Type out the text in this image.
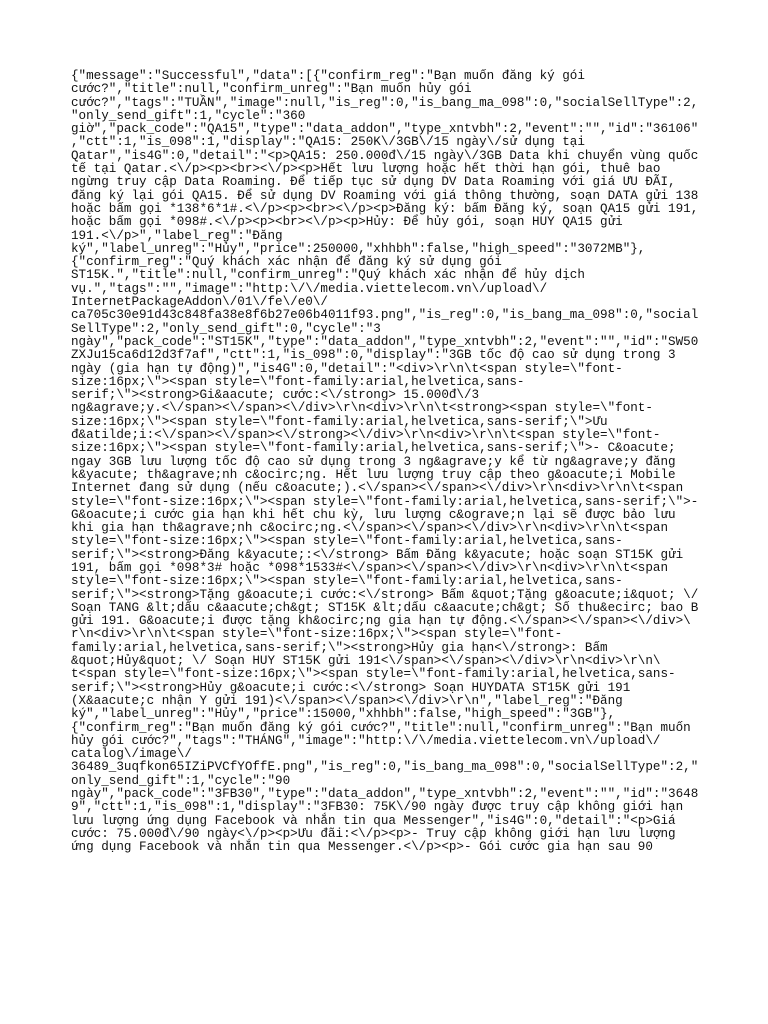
{"message":"Successful","data":[{"confirm_reg":"Bạn muốn đăng ký gói
cước?","title":null,"confirm_unreg":"Bạn muốn hủy gói
cước?","tags":"TUẦN","image":null,"is_reg":0,"is_bang_ma_098":0,"socialSellType":2,
"only_send_gift":1,"cycle":"360
giờ","pack_code":"QA15","type":"data_addon","type_xntvbh":2,"event":"","id":"36106"
,"ctt":1,"is_098":1,"display":"QA15: 250K\/3GB\/15 ngày\/sử dụng tại
Qatar","is4G":0,"detail":"<p>QA15: 250.000đ\/15 ngày\/3GB Data khi chuyển vùng quốc
tế tại Qatar.<\/p><p><br><\/p><p>Hết lưu lượng hoặc hết thời hạn gói, thuê bao
ngừng truy cập Data Roaming. Để tiếp tục sử dụng DV Data Roaming với giá ƯU ĐÃI,
đăng ký lại gói QA15. Để sử dụng DV Roaming với giá thông thường, soạn DATA gửi 138
hoặc bấm gọi *138*6*1#.<\/p><p><br><\/p><p>Đăng ký: bấm Đăng ký, soạn QA15 gửi 191,
hoặc bấm gọi *098#.<\/p><p><br><\/p><p>Hủy: Để hủy gói, soạn HUY QA15 gửi
191.<\/p>","label_reg":"Đăng
ký","label_unreg":"Hủy","price":250000,"xhhbh":false,"high_speed":"3072MB"},
{"confirm_reg":"Quý khách xác nhận để đăng ký sử dụng gói
ST15K.","title":null,"confirm_unreg":"Quý khách xác nhận để hủy dịch
vụ.","tags":"","image":"http:\/\/media.viettelecom.vn\/upload\/
InternetPackageAddon\/01\/fe\/e0\/
ca705c30e91d43c848fa38e8f6b27e06b4011f93.png","is_reg":0,"is_bang_ma_098":0,"social
SellType":2,"only_send_gift":0,"cycle":"3
ngày","pack_code":"ST15K","type":"data_addon","type_xntvbh":2,"event":"","id":"SW50
ZXJu15ca6d12d3f7af","ctt":1,"is_098":0,"display":"3GB tốc độ cao sử dụng trong 3
ngày (gia hạn tự động)","is4G":0,"detail":"<div>\r\n\t<span style=\"font-
size:16px;\"><span style=\"font-family:arial,helvetica,sans-
serif;\"><strong>Gi&aacute; cước:<\/strong> 15.000đ\/3
ng&agrave;y.<\/span><\/span><\/div>\r\n<div>\r\n\t<strong><span style=\"font-
size:16px;\"><span style=\"font-family:arial,helvetica,sans-serif;\">Ưu
đ&atilde;i:<\/span><\/span><\/strong><\/div>\r\n<div>\r\n\t<span style=\"font-
size:16px;\"><span style=\"font-family:arial,helvetica,sans-serif;\">- C&oacute;
ngay 3GB lưu lượng tốc độ cao sử dụng trong 3 ng&agrave;y kể từ ng&agrave;y đăng
k&yacute; th&agrave;nh c&ocirc;ng. Hết lưu lượng truy cập theo g&oacute;i Mobile
Internet đang sử dụng (nếu c&oacute;).<\/span><\/span><\/div>\r\n<div>\r\n\t<span
style=\"font-size:16px;\"><span style=\"font-family:arial,helvetica,sans-serif;\">-
G&oacute;i cước gia hạn khi hết chu kỳ, lưu lượng c&ograve;n lại sẽ được bảo lưu
khi gia hạn th&agrave;nh c&ocirc;ng.<\/span><\/span><\/div>\r\n<div>\r\n\t<span
style=\"font-size:16px;\"><span style=\"font-family:arial,helvetica,sans-
serif;\"><strong>Đăng k&yacute;:<\/strong> Bấm Đăng k&yacute; hoặc soạn ST15K gửi
191, bấm gọi *098*3# hoặc *098*1533#<\/span><\/span><\/div>\r\n<div>\r\n\t<span
style=\"font-size:16px;\"><span style=\"font-family:arial,helvetica,sans-
serif;\"><strong>Tặng g&oacute;i cước:<\/strong> Bấm &quot;Tặng g&oacute;i&quot; \/
Soạn TANG &lt;dấu c&aacute;ch&gt; ST15K &lt;dấu c&aacute;ch&gt; Số thu&ecirc; bao B
gửi 191. G&oacute;i được tặng kh&ocirc;ng gia hạn tự động.<\/span><\/span><\/div>\
r\n<div>\r\n\t<span style=\"font-size:16px;\"><span style=\"font-
family:arial,helvetica,sans-serif;\"><strong>Hủy gia hạn<\/strong>: Bấm
&quot;Hủy&quot; \/ Soạn HUY ST15K gửi 191<\/span><\/span><\/div>\r\n<div>\r\n\
t<span style=\"font-size:16px;\"><span style=\"font-family:arial,helvetica,sans-
serif;\"><strong>Hủy g&oacute;i cước:<\/strong> Soạn HUYDATA ST15K gửi 191
(X&aacute;c nhận Y gửi 191)<\/span><\/span><\/div>\r\n","label_reg":"Đăng
ký","label_unreg":"Hủy","price":15000,"xhhbh":false,"high_speed":"3GB"},
{"confirm_reg":"Bạn muốn đăng ký gói cước?","title":null,"confirm_unreg":"Bạn muốn
hủy gói cước?","tags":"THÁNG","image":"http:\/\/media.viettelecom.vn\/upload\/
catalog\/image\/
36489_3uqfkon65IZiPVCfYOffE.png","is_reg":0,"is_bang_ma_098":0,"socialSellType":2,"
only_send_gift":1,"cycle":"90
ngày","pack_code":"3FB30","type":"data_addon","type_xntvbh":2,"event":"","id":"3648
9","ctt":1,"is_098":1,"display":"3FB30: 75K\/90 ngày được truy cập không giới hạn
lưu lượng ứng dụng Facebook và nhắn tin qua Messenger","is4G":0,"detail":"<p>Giá
cước: 75.000đ\/90 ngày<\/p><p>Ưu đãi:<\/p><p>- Truy cập không giới hạn lưu lượng
ứng dụng Facebook và nhắn tin qua Messenger.<\/p><p>- Gói cước gia hạn sau 90
